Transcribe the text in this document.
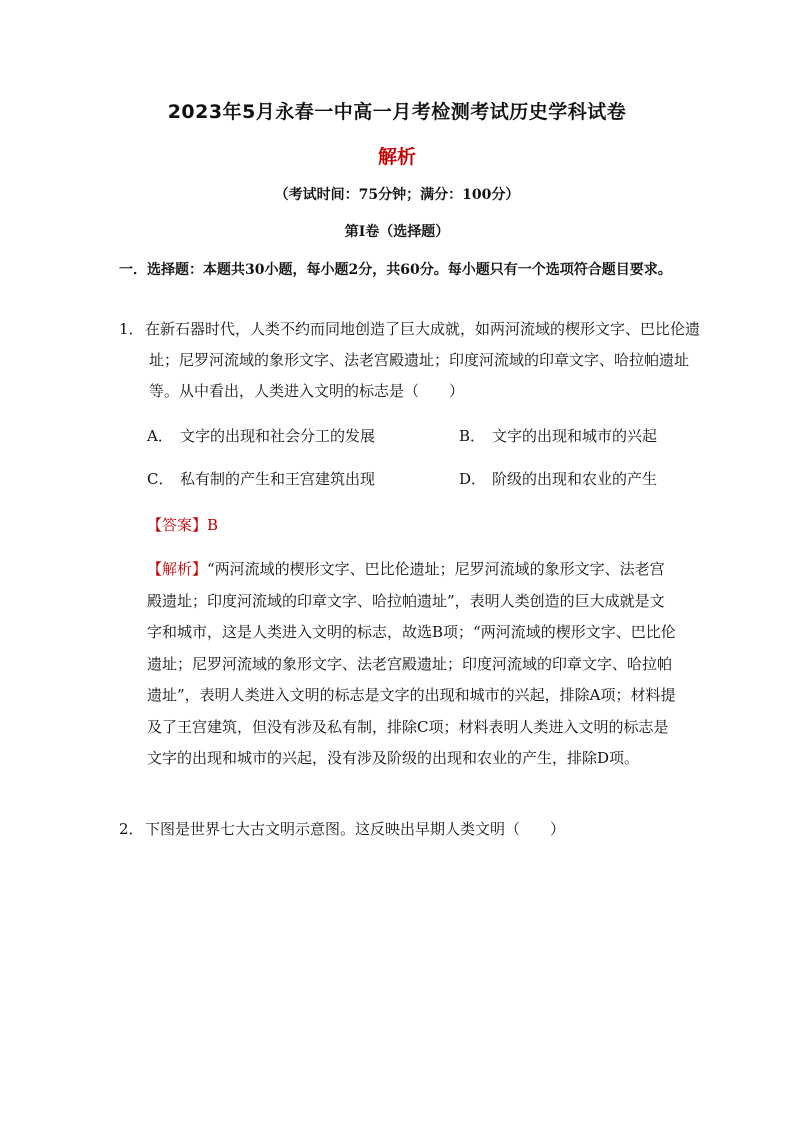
2023年5月永春一中高一月考检测考试历史学科试卷
解析
（考试时间：75分钟；满分：100分）
第Ⅰ卷（选择题）
一．选择题：本题共30小题，每小题2分，共60分。每小题只有一个选项符合题目要求。
1．在新石器时代，人类不约而同地创造了巨大成就，如两河流域的楔形文字、巴比伦遗址；尼罗河流域的象形文字、法老宫殿遗址；印度河流域的印章文字、哈拉帕遗址等。从中看出，人类进入文明的标志是（　　）
A． 文字的出现和社会分工的发展	B． 文字的出现和城市的兴起
C． 私有制的产生和王宫建筑出现	D． 阶级的出现和农业的产生
【答案】B
【解析】“两河流域的楔形文字、巴比伦遗址；尼罗河流域的象形文字、法老宫殿遗址；印度河流域的印章文字、哈拉帕遗址”，表明人类创造的巨大成就是文字和城市，这是人类进入文明的标志，故选B项；“两河流域的楔形文字、巴比伦遗址；尼罗河流域的象形文字、法老宫殿遗址；印度河流域的印章文字、哈拉帕遗址”，表明人类进入文明的标志是文字的出现和城市的兴起，排除A项；材料提及了王宫建筑，但没有涉及私有制，排除C项；材料表明人类进入文明的标志是文字的出现和城市的兴起，没有涉及阶级的出现和农业的产生，排除D项。
2．下图是世界七大古文明示意图。这反映出早期人类文明（　　）
